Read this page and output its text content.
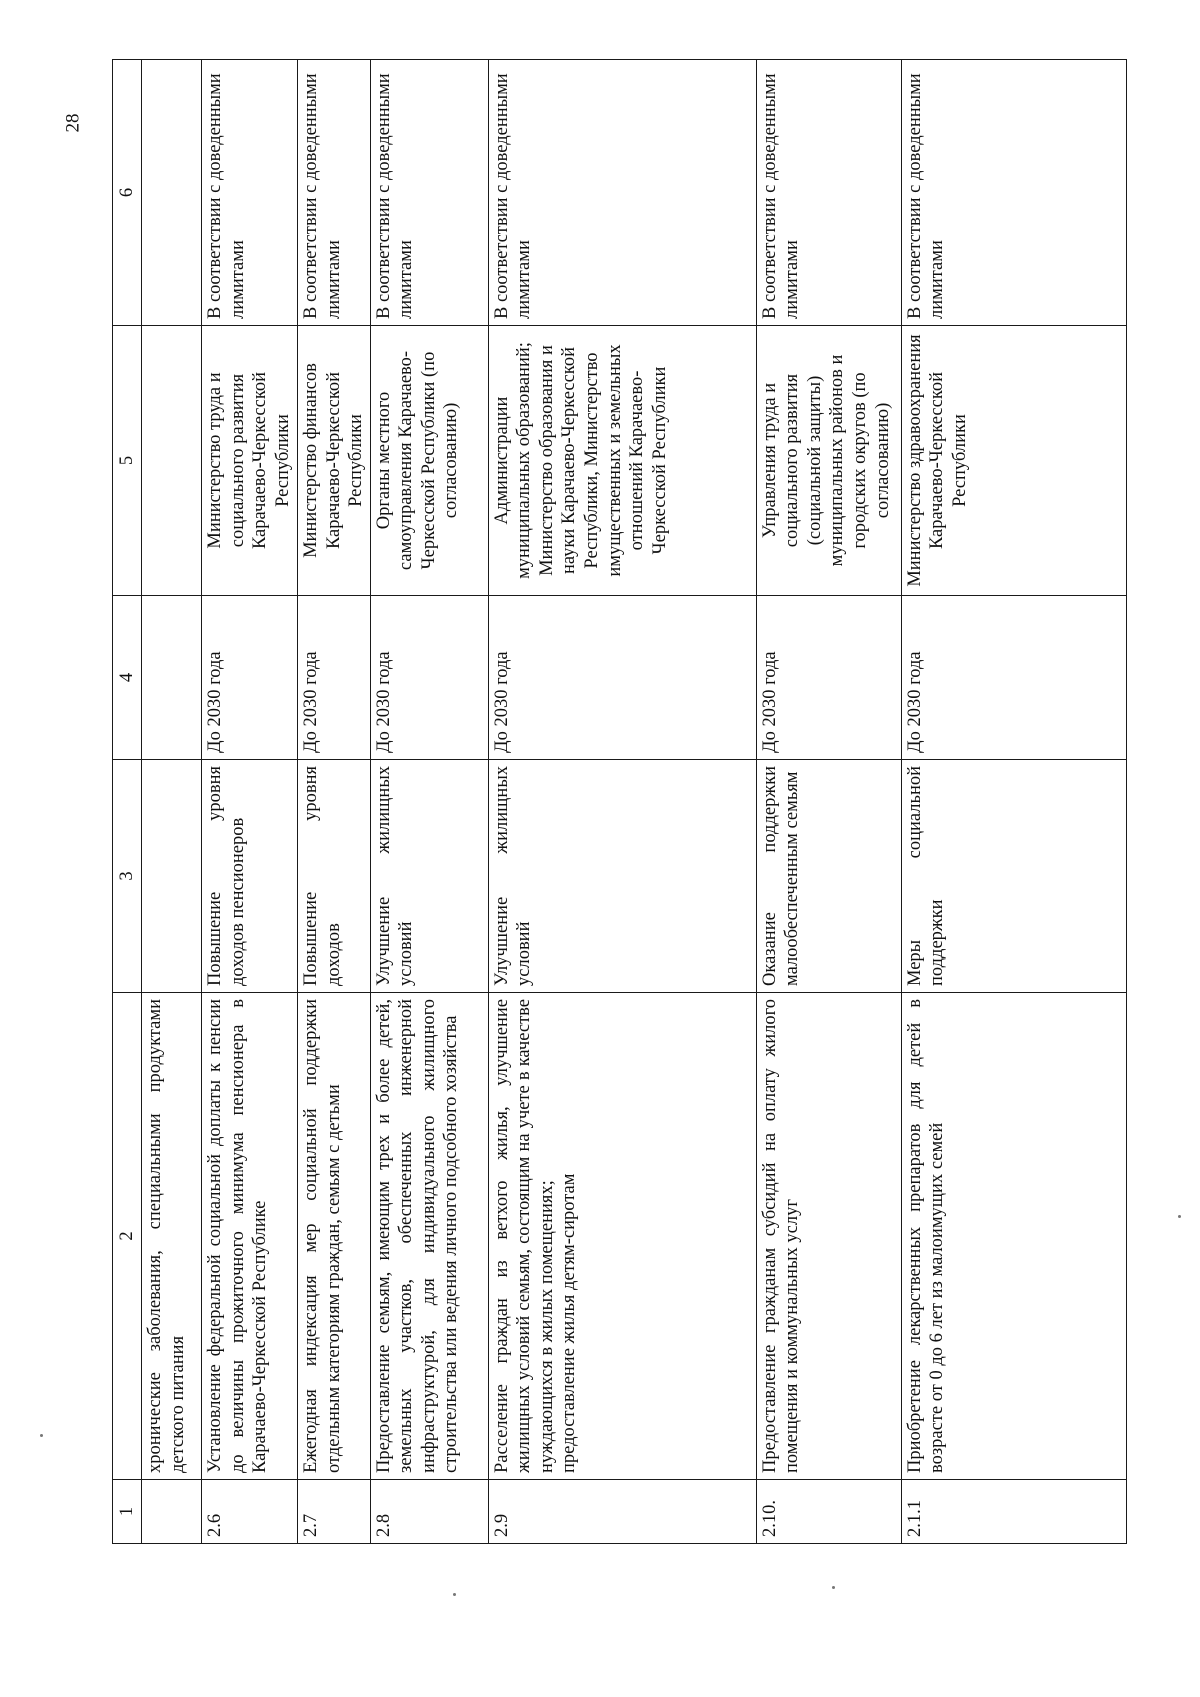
28
1	2	3	4	5	6
	хронические заболевания, специальными продуктами детского питания				
2.6	Установление федеральной социальной доплаты к пенсии до величины прожиточного минимума пенсионера в Карачаево-Черкесской Республике	Повышение уровня доходов пенсионеров	До 2030 года	Министерство труда и социального развития Карачаево-Черкесской Республики	В соответствии с доведенными лимитами
2.7	Ежегодная индексация мер социальной поддержки отдельным категориям граждан, семьям с детьми	Повышение уровня доходов	До 2030 года	Министерство финансов Карачаево-Черкесской Республики	В соответствии с доведенными лимитами
2.8	Предоставление семьям, имеющим трех и более детей, земельных участков, обеспеченных инженерной инфраструктурой, для индивидуального жилищного строительства или ведения личного подсобного хозяйства	Улучшение жилищных условий	До 2030 года	Органы местного самоуправления Карачаево-Черкесской Республики (по согласованию)	В соответствии с доведенными лимитами
2.9	Расселение граждан из ветхого жилья, улучшение жилищных условий семьям, состоящим на учете в качестве нуждающихся в жилых помещениях; предоставление жилья детям-сиротам	Улучшение жилищных условий	До 2030 года	Администрации муниципальных образований; Министерство образования и науки Карачаево-Черкесской Республики, Министерство имущественных и земельных отношений Карачаево-Черкесской Республики	В соответствии с доведенными лимитами
2.10.	Предоставление гражданам субсидий на оплату жилого помещения и коммунальных услуг	Оказание поддержки малообеспеченным семьям	До 2030 года	Управления труда и социального развития (социальной защиты) муниципальных районов и городских округов (по согласованию)	В соответствии с доведенными лимитами
2.1.1	Приобретение лекарственных препаратов для детей в возрасте от 0 до 6 лет из малоимущих семей	Меры социальной поддержки	До 2030 года	Министерство здравоохранения Карачаево-Черкесской Республики	В соответствии с доведенными лимитами
